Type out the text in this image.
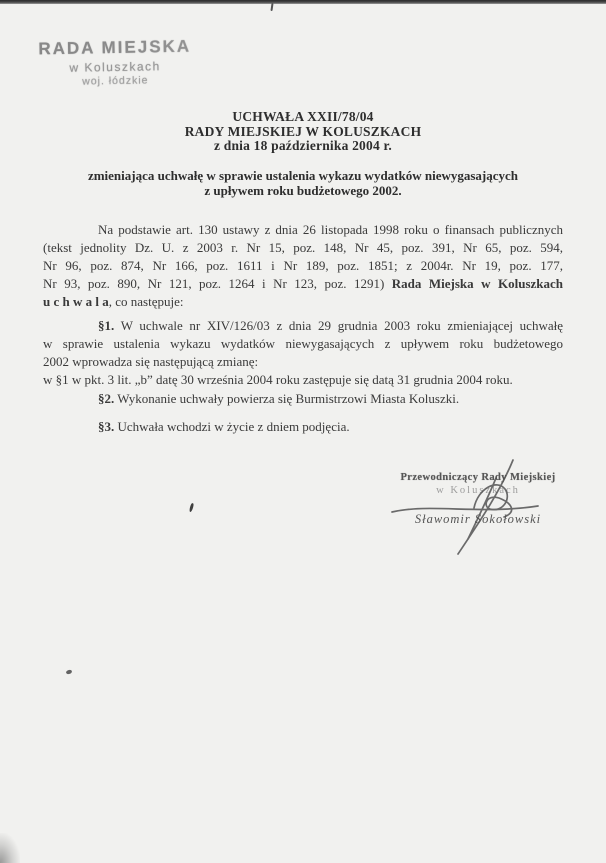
RADA MIEJSKA
w Koluszkach
woj. łódzkie
UCHWAŁA XXII/78/04
RADY MIEJSKIEJ W KOLUSZKACH
z dnia 18 października 2004 r.
zmieniająca uchwałę w sprawie ustalenia wykazu wydatków niewygasających
z upływem roku budżetowego 2002.
Na podstawie art. 130 ustawy z dnia 26 listopada 1998 roku o finansach publicznych
(tekst jednolity Dz. U. z 2003 r. Nr 15, poz. 148, Nr 45, poz. 391, Nr 65, poz. 594,
Nr 96, poz. 874, Nr 166, poz. 1611 i Nr 189, poz. 1851; z 2004r. Nr 19, poz. 177,
Nr 93, poz. 890, Nr 121, poz. 1264 i Nr 123, poz. 1291) Rada Miejska w Koluszkach
u c h w a l a, co następuje:
§1. W uchwale nr XIV/126/03 z dnia 29 grudnia 2003 roku zmieniającej uchwałę
w sprawie ustalenia wykazu wydatków niewygasających z upływem roku budżetowego
2002 wprowadza się następującą zmianę:
w §1 w pkt. 3 lit. „b” datę 30 września 2004 roku zastępuje się datą 31 grudnia 2004 roku.
§2. Wykonanie uchwały powierza się Burmistrzowi Miasta Koluszki.
§3. Uchwała wchodzi w życie z dniem podjęcia.
Przewodniczący Rady Miejskiej
w Koluszkach
Sławomir Sokołowski
